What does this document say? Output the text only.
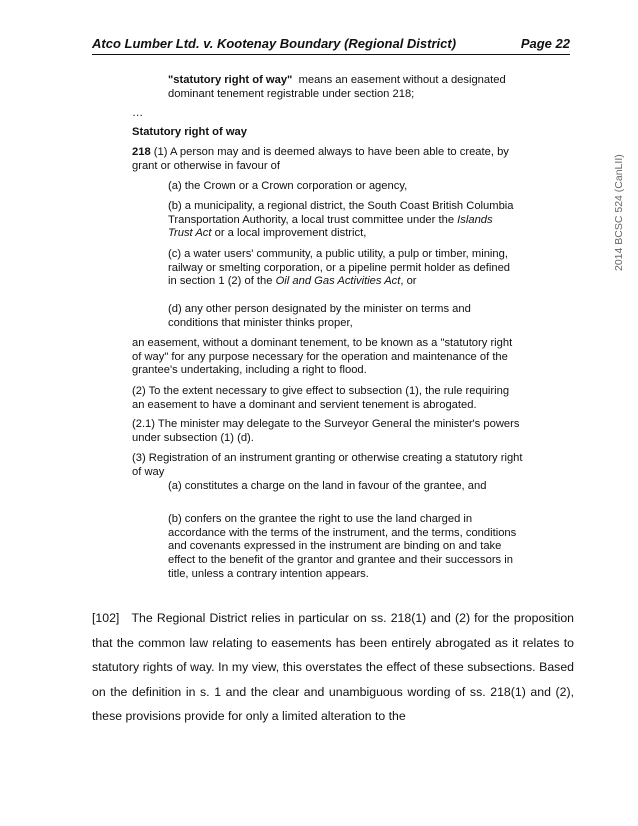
Atco Lumber Ltd. v. Kootenay Boundary (Regional District)	Page 22
2014 BCSC 524 (CanLII)

"statutory right of way" means an easement without a designated dominant tenement registrable under section 218;

…
Statutory right of way

218 (1) A person may and is deemed always to have been able to create, by grant or otherwise in favour of

(a) the Crown or a Crown corporation or agency,

(b) a municipality, a regional district, the South Coast British Columbia Transportation Authority, a local trust committee under the Islands Trust Act or a local improvement district,

(c) a water users' community, a public utility, a pulp or timber, mining, railway or smelting corporation, or a pipeline permit holder as defined in section 1 (2) of the Oil and Gas Activities Act, or

(d) any other person designated by the minister on terms and conditions that minister thinks proper,
an easement, without a dominant tenement, to be known as a "statutory right of way" for any purpose necessary for the operation and maintenance of the grantee's undertaking, including a right to flood.
(2) To the extent necessary to give effect to subsection (1), the rule requiring an easement to have a dominant and servient tenement is abrogated.
(2.1) The minister may delegate to the Surveyor General the minister's powers under subsection (1) (d).
(3) Registration of an instrument granting or otherwise creating a statutory right of way
(a) constitutes a charge on the land in favour of the grantee, and
(b) confers on the grantee the right to use the land charged in accordance with the terms of the instrument, and the terms, conditions and covenants expressed in the instrument are binding on and take effect to the benefit of the grantor and grantee and their successors in title, unless a contrary intention appears.
[102] The Regional District relies in particular on ss. 218(1) and (2) for the proposition that the common law relating to easements has been entirely abrogated as it relates to statutory rights of way. In my view, this overstates the effect of these subsections. Based on the definition in s. 1 and the clear and unambiguous wording of ss. 218(1) and (2), these provisions provide for only a limited alteration to the
